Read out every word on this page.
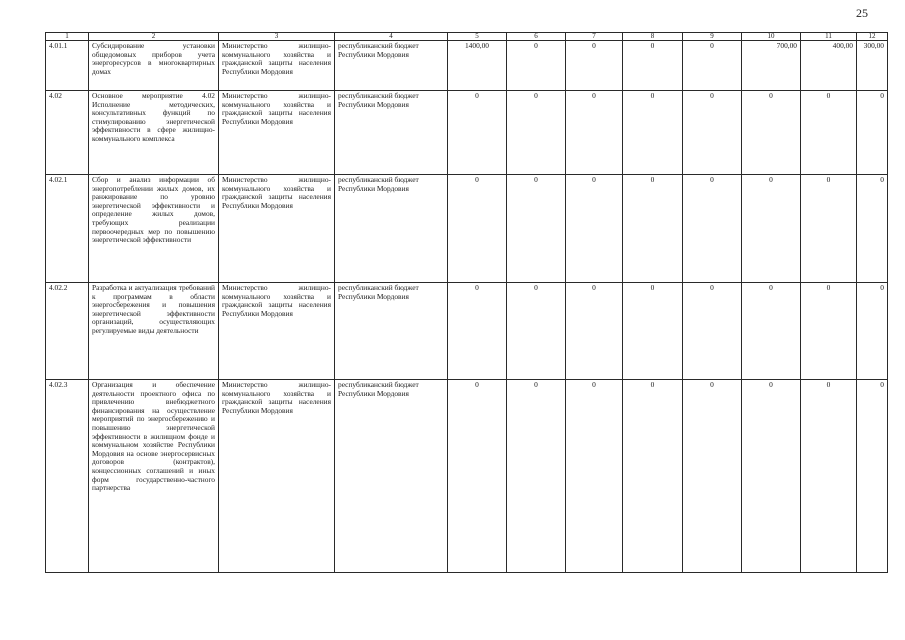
25
1	2	3	4	5	6	7	8	9	10	11	12
4.01.1	Субсидирование установки общедомовых приборов учета энергоресурсов в многоквартирных домах	Министерство жилищно-коммунального хозяйства и гражданской защиты населения Республики Мордовия	республиканский бюджет Республики Мордовия	1400,00	0	0	0	0	700,00	400,00	300,00
4.02	Основное мероприятие 4.02 Исполнение методических, консультативных функций по стимулированию энергетической эффективности в сфере жилищно-коммунального комплекса	Министерство жилищно-коммунального хозяйства и гражданской защиты населения Республики Мордовия	республиканский бюджет Республики Мордовия	0	0	0	0	0	0	0	0
4.02.1	Сбор и анализ информации об энергопотреблении жилых домов, их ранжирование по уровню энергетической эффективности и определение жилых домов, требующих реализации первоочередных мер по повышению энергетической эффективности	Министерство жилищно-коммунального хозяйства и гражданской защиты населения Республики Мордовия	республиканский бюджет Республики Мордовия	0	0	0	0	0	0	0	0
4.02.2	Разработка и актуализация требований к программам в области энергосбережения и повышения энергетической эффективности организаций, осуществляющих регулируемые виды деятельности	Министерство жилищно-коммунального хозяйства и гражданской защиты населения Республики Мордовия	республиканский бюджет Республики Мордовия	0	0	0	0	0	0	0	0
4.02.3	Организация и обеспечение деятельности проектного офиса по привлечению внебюджетного финансирования на осуществление мероприятий по энергосбережению и повышению энергетической эффективности в жилищном фонде и коммунальном хозяйстве Республики Мордовия на основе энергосервисных договоров (контрактов), концессионных соглашений и иных форм государственно-частного партнерства	Министерство жилищно-коммунального хозяйства и гражданской защиты населения Республики Мордовия	республиканский бюджет Республики Мордовия	0	0	0	0	0	0	0	0
